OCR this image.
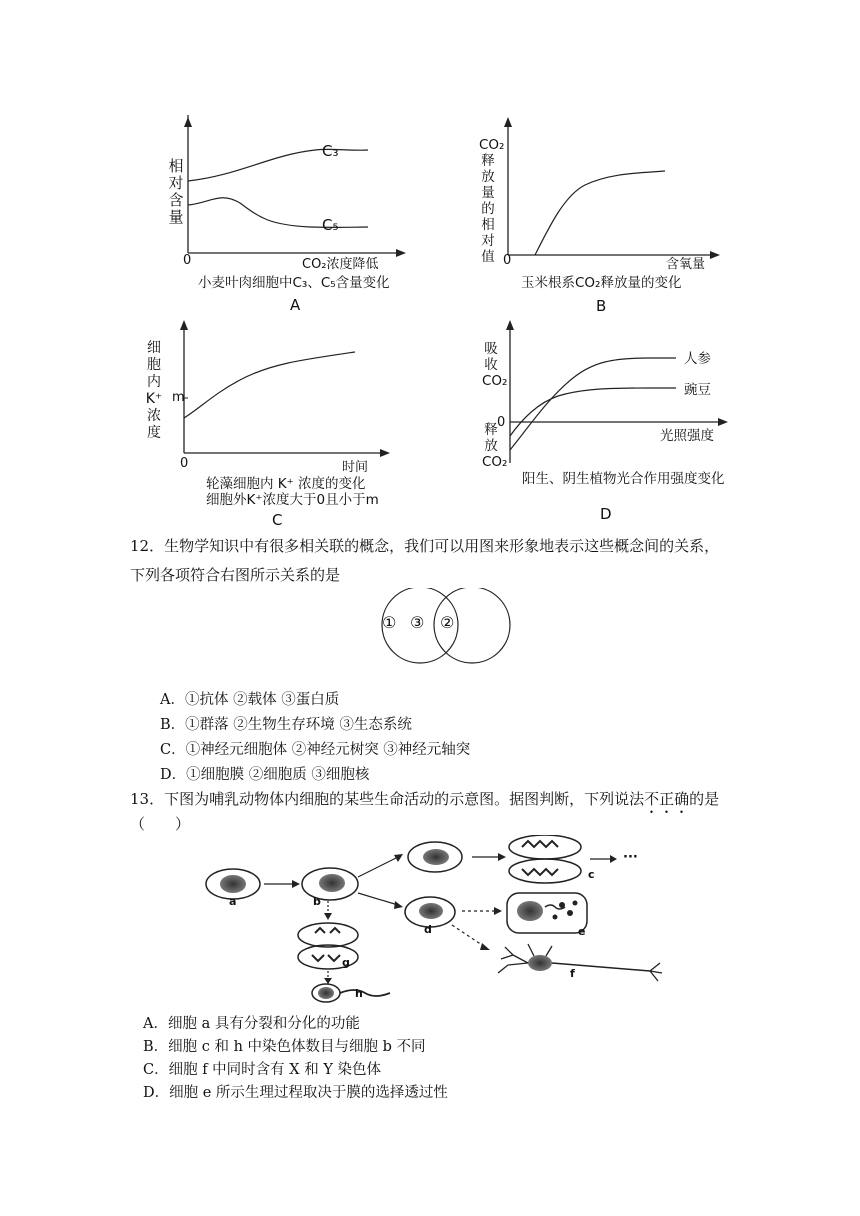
相对含量
C₃
C₅
0	CO₂浓度降低
小麦叶肉细胞中C₃、C₅含量变化
A
CO₂释放量的相对值 0	含氧量
玉米根系CO₂释放量的变化
B
细胞内K⁺浓度
m
0	时间
轮藻细胞内 K⁺ 浓度的变化
细胞外K⁺浓度大于0且小于m
C
吸收CO₂
释放CO₂
0
光照强度
人参
豌豆
阳生、阴生植物光合作用强度变化
D
12．生物学知识中有很多相关联的概念，我们可以用图来形象地表示这些概念间的关系，下列各项符合右图所示关系的是
① ③ ②
A．①抗体 ②载体 ③蛋白质
B．①群落 ②生物生存环境 ③生态系统
C．①神经元细胞体 ②神经元树突 ③神经元轴突
D．①细胞膜 ②细胞质 ③细胞核
13．下图为哺乳动物体内细胞的某些生命活动的示意图。据图判断，下列说法不正确的是
（　　）
a	b
c
d	e
f
g
h
···
A．细胞 a 具有分裂和分化的功能
B．细胞 c 和 h 中染色体数目与细胞 b 不同
C．细胞 f 中同时含有 X 和 Y 染色体
D．细胞 e 所示生理过程取决于膜的选择透过性
